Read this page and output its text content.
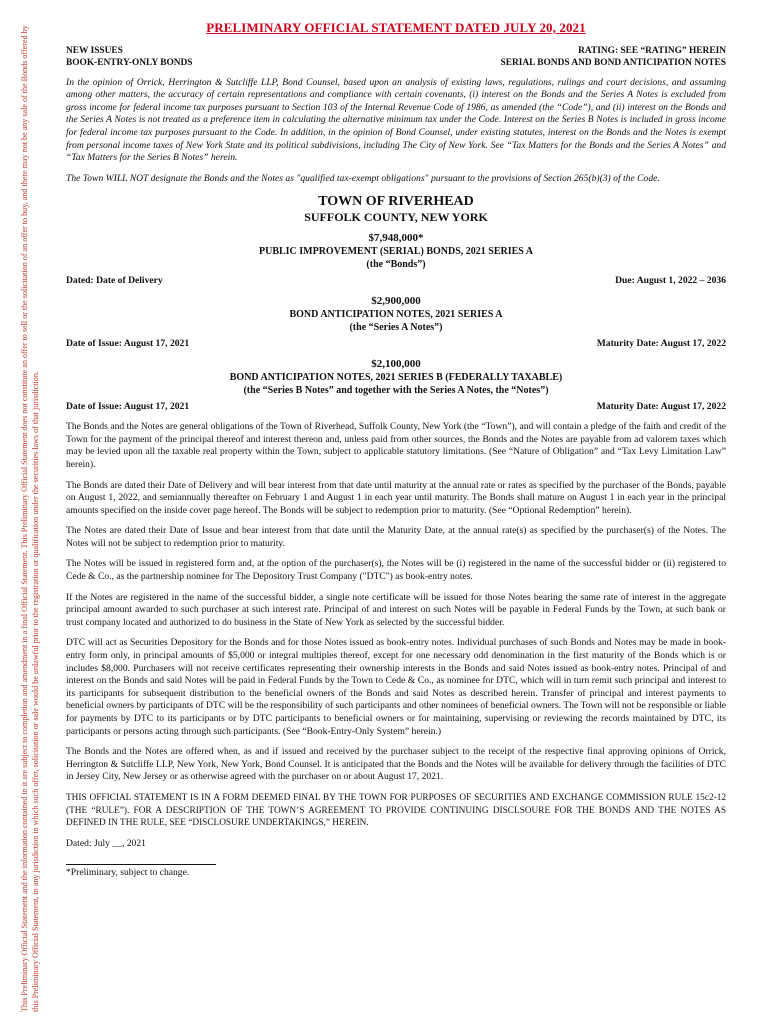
This Preliminary Official Statement and the information contained in it are subject to completion and amendment in a final Official Statement. This Preliminary Official Statement does not constitute an offer to sell or the solicitation of an offer to buy, and there may not be any sale of the Bonds offered by this Preliminary Official Statement, in any jurisdiction in which such offer, solicitation or sale would be unlawful prior to the registration or qualification under the securities laws of that jurisdiction.
PRELIMINARY OFFICIAL STATEMENT DATED JULY 20, 2021
NEW ISSUES	RATING: SEE “RATING” HEREIN
BOOK-ENTRY-ONLY BONDS	SERIAL BONDS AND BOND ANTICIPATION NOTES

In the opinion of Orrick, Herrington & Sutcliffe LLP, Bond Counsel, based upon an analysis of existing laws, regulations, rulings and court decisions, and assuming among other matters, the accuracy of certain representations and compliance with certain covenants, (i) interest on the Bonds and the Series A Notes is excluded from gross income for federal income tax purposes pursuant to Section 103 of the Internal Revenue Code of 1986, as amended (the “Code”), and (ii) interest on the Bonds and the Series A Notes is not treated as a preference item in calculating the alternative minimum tax under the Code. Interest on the Series B Notes is included in gross income for federal income tax purposes pursuant to the Code. In addition, in the opinion of Bond Counsel, under existing statutes, interest on the Bonds and the Notes is exempt from personal income taxes of New York State and its political subdivisions, including The City of New York. See “Tax Matters for the Bonds and the Series A Notes” and “Tax Matters for the Series B Notes” herein.

The Town WILL NOT designate the Bonds and the Notes as "qualified tax-exempt obligations" pursuant to the provisions of Section 265(b)(3) of the Code.

TOWN OF RIVERHEAD
SUFFOLK COUNTY, NEW YORK
$7,948,000*
PUBLIC IMPROVEMENT (SERIAL) BONDS, 2021 SERIES A
(the “Bonds”)
Dated: Date of Delivery	Due: August 1, 2022 – 2036
$2,900,000
BOND ANTICIPATION NOTES, 2021 SERIES A
(the “Series A Notes”)
Date of Issue: August 17, 2021	Maturity Date: August 17, 2022
$2,100,000
BOND ANTICIPATION NOTES, 2021 SERIES B (FEDERALLY TAXABLE)
(the “Series B Notes” and together with the Series A Notes, the “Notes”)
Date of Issue: August 17, 2021	Maturity Date: August 17, 2022

The Bonds and the Notes are general obligations of the Town of Riverhead, Suffolk County, New York (the “Town”), and will contain a pledge of the faith and credit of the Town for the payment of the principal thereof and interest thereon and, unless paid from other sources, the Bonds and the Notes are payable from ad valorem taxes which may be levied upon all the taxable real property within the Town, subject to applicable statutory limitations. (See “Nature of Obligation” and “Tax Levy Limitation Law” herein).

The Bonds are dated their Date of Delivery and will bear interest from that date until maturity at the annual rate or rates as specified by the purchaser of the Bonds, payable on August 1, 2022, and semiannually thereafter on February 1 and August 1 in each year until maturity. The Bonds shall mature on August 1 in each year in the principal amounts specified on the inside cover page hereof. The Bonds will be subject to redemption prior to maturity. (See “Optional Redemption” herein).

The Notes are dated their Date of Issue and bear interest from that date until the Maturity Date, at the annual rate(s) as specified by the purchaser(s) of the Notes. The Notes will not be subject to redemption prior to maturity.

The Notes will be issued in registered form and, at the option of the purchaser(s), the Notes will be (i) registered in the name of the successful bidder or (ii) registered to Cede & Co., as the partnership nominee for The Depository Trust Company ("DTC") as book-entry notes.

If the Notes are registered in the name of the successful bidder, a single note certificate will be issued for those Notes bearing the same rate of interest in the aggregate principal amount awarded to such purchaser at such interest rate. Principal of and interest on such Notes will be payable in Federal Funds by the Town, at such bank or trust company located and authorized to do business in the State of New York as selected by the successful bidder.

DTC will act as Securities Depository for the Bonds and for those Notes issued as book-entry notes. Individual purchases of such Bonds and Notes may be made in book-entry form only, in principal amounts of $5,000 or integral multiples thereof, except for one necessary odd denomination in the first maturity of the Bonds which is or includes $8,000. Purchasers will not receive certificates representing their ownership interests in the Bonds and said Notes issued as book-entry notes. Principal of and interest on the Bonds and said Notes will be paid in Federal Funds by the Town to Cede & Co., as nominee for DTC, which will in turn remit such principal and interest to its participants for subsequent distribution to the beneficial owners of the Bonds and said Notes as described herein. Transfer of principal and interest payments to beneficial owners by participants of DTC will be the responsibility of such participants and other nominees of beneficial owners. The Town will not be responsible or liable for payments by DTC to its participants or by DTC participants to beneficial owners or for maintaining, supervising or reviewing the records maintained by DTC, its participants or persons acting through such participants. (See “Book-Entry-Only System” herein.)

The Bonds and the Notes are offered when, as and if issued and received by the purchaser subject to the receipt of the respective final approving opinions of Orrick, Herrington & Sutcliffe LLP, New York, New York, Bond Counsel. It is anticipated that the Bonds and the Notes will be available for delivery through the facilities of DTC in Jersey City, New Jersey or as otherwise agreed with the purchaser on or about August 17, 2021.

THIS OFFICIAL STATEMENT IS IN A FORM DEEMED FINAL BY THE TOWN FOR PURPOSES OF SECURITIES AND EXCHANGE COMMISSION RULE 15c2-12 (THE “RULE”). FOR A DESCRIPTION OF THE TOWN’S AGREEMENT TO PROVIDE CONTINUING DISCLSOURE FOR THE BONDS AND THE NOTES AS DEFINED IN THE RULE, SEE “DISCLOSURE UNDERTAKINGS,” HEREIN.

Dated: July __, 2021
*Preliminary, subject to change.
